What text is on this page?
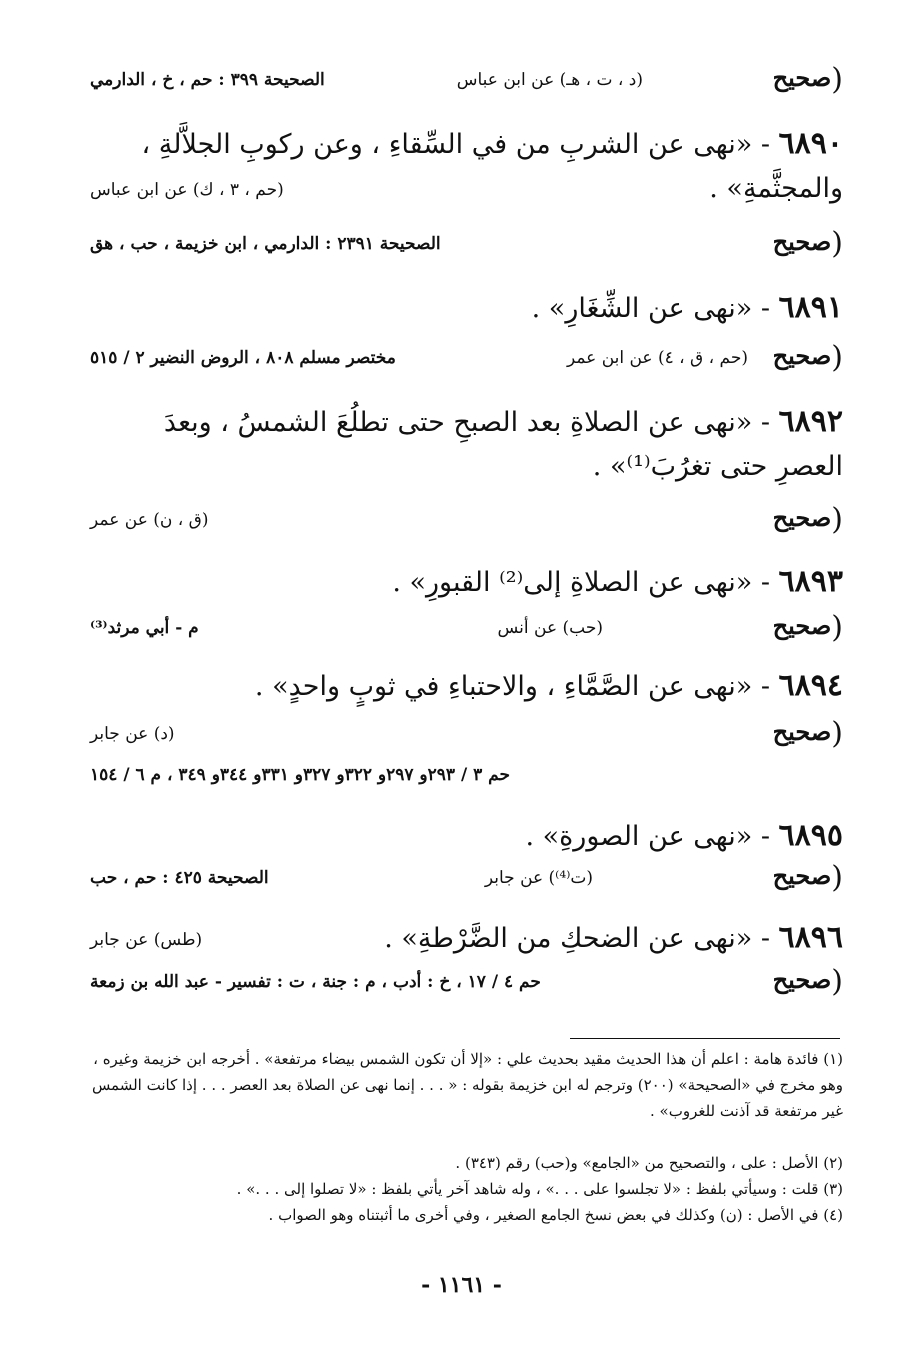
(صحيح
(د ، ت ، هـ) عن ابن عباس
الصحيحة ٣٩٩ : حم ، خ ، الدارمي
٦٨٩٠ - «نهى عن الشربِ من في السِّقاءِ ، وعن ركوبِ الجلاَّلةِ ، والمجثَّمةِ» .
(حم ، ٣ ، ك) عن ابن عباس
(صحيح
الصحيحة ٢٣٩١ : الدارمي ، ابن خزيمة ، حب ، هق
٦٨٩١ - «نهى عن الشِّغَارِ» .
(صحيح
(حم ، ق ، ٤) عن ابن عمر
مختصر مسلم ٨٠٨ ، الروض النضير ٢ / ٥١٥
٦٨٩٢ - «نهى عن الصلاةِ بعد الصبحِ حتى تطلُعَ الشمسُ ، وبعدَ العصرِ حتى تغرُبَ⁽¹⁾» .
(صحيح
(ق ، ن) عن عمر
٦٨٩٣ - «نهى عن الصلاةِ إلى⁽²⁾ القبورِ» .
(صحيح
(حب) عن أنس
م - أبي مرثد⁽³⁾
٦٨٩٤ - «نهى عن الصَّمَّاءِ ، والاحتباءِ في ثوبٍ واحدٍ» .
(صحيح
(د) عن جابر
حم ٣ / ٢٩٣و ٢٩٧و ٣٢٢و ٣٢٧و ٣٣١و ٣٤٤و ٣٤٩ ، م ٦ / ١٥٤
٦٨٩٥ - «نهى عن الصورةِ» .
(صحيح
(ت⁽⁴⁾) عن جابر
الصحيحة ٤٢٥ : حم ، حب
٦٨٩٦ - «نهى عن الضحكِ من الضَّرْطةِ» .
(طس) عن جابر
(صحيح
حم ٤ / ١٧ ، خ : أدب ، م : جنة ، ت : تفسير - عبد الله بن زمعة
(١) فائدة هامة : اعلم أن هذا الحديث مقيد بحديث علي : «إلا أن تكون الشمس بيضاء مرتفعة» . أخرجه ابن خزيمة وغيره ، وهو مخرج في «الصحيحة» (٢٠٠) وترجم له ابن خزيمة بقوله : « . . . إنما نهى عن الصلاة بعد العصر . . . إذا كانت الشمس غير مرتفعة قد آذنت للغروب» .
(٢) الأصل : على ، والتصحيح من «الجامع» و(حب) رقم (٣٤٣) .
(٣) قلت : وسيأتي بلفظ : «لا تجلسوا على . . .» ، وله شاهد آخر يأتي بلفظ : «لا تصلوا إلى . . .» .
(٤) في الأصل : (ن) وكذلك في بعض نسخ الجامع الصغير ، وفي أخرى ما أثبتناه وهو الصواب .
- ١١٦١ -
